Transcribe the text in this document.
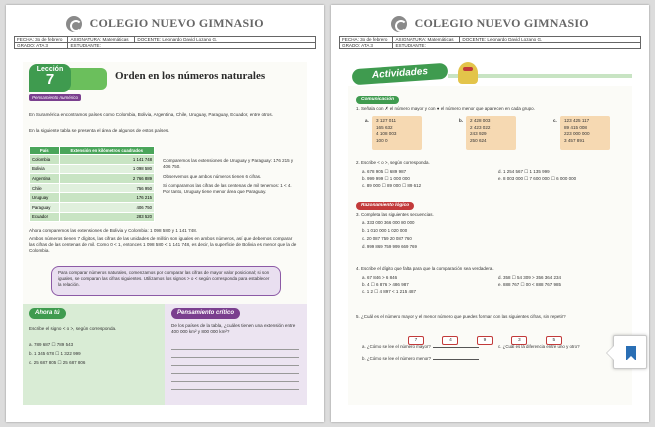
COLEGIO NUEVO GIMNASIO
FECHA: 3o de febrero	ASIGNATURA: Matemáticas	DOCENTE: Leonardo David Lozano G.
GRADO: ATA 3	ESTUDIANTE:	
Lección
7	Orden en los números naturales
Pensamiento numérico
En Suramérica encontramos países como Colombia, Bolivia, Argentina, Chile, Uruguay, Paraguay, Ecuador, entre otros.
En la siguiente tabla se presenta el área de algunos de estos países.
País	Extensión en kilómetros cuadrados
Colombia	1 141 748
Bolivia	1 098 580
Argentina	2 766 889
Chile	756 950
Uruguay	176 215
Paraguay	406 750
Ecuador	283 520

Comparemos las extensiones de Uruguay y Paraguay: 176 215 y 406 750.

Observemos que ambos números tienen 6 cifras.

Si comparamos las cifras de las centenas de mil tenemos: 1 < 4. Por tanto, Uruguay tiene menor área que Paraguay.

Ahora comparemos las extensiones de Bolivia y Colombia: 1 098 580 y 1 141 748.
Ambos números tienen 7 dígitos, las cifras de las unidades de millón son iguales en ambos números, así que debemos comparar las cifras de las centenas de mil. Como 0 < 1, entonces 1 098 580 < 1 141 748, es decir, la superficie de Bolivia es menor que la de Colombia.
Para comparar números naturales, comenzamos por comparar las cifras de mayor valor posicional; si son iguales, se comparan las cifras siguientes. Utilizamos los signos > o < según corresponda para establecer la relación.
Ahora tú
Escribe el signo < o >, según corresponda.
a. 789 687 ☐ 789 543
b. 1 345 678 ☐ 1 322 999
c. 25 687 805 ☐ 25 687 806
Pensamiento crítico
De los países de la tabla, ¿cuáles tienen una extensión entre 400 000 km² y 800 000 km²?
COLEGIO NUEVO GIMNASIO
FECHA: 3o de febrero	ASIGNATURA: Matemáticas	DOCENTE: Leonardo David Lozano G.
GRADO: ATA 3	ESTUDIANTE:	
Actividades
Comunicación
1. Señala con ✗ el número mayor y con ● el número menor que aparecen en cada grupo.
a. 3 127 011
165 632
4 108 003
100 0
b. 2 428 003
2 423 022
243 929
250 624
c. 123 425 117
89 415 008
223 000 000
3 457 891
2. Escribe < o >, según corresponda.
a. 678 905 ☐ 689 987
b. 999 999 ☐ 1 000 000
c. 89 000 ☐ 89 000 ☐ 89 612
d. 1 254 567 ☐ 1 135 999
e. 8 003 000 ☐ 7 600 000 ☐ 6 000 000
Razonamiento lógico
3. Completa las siguientes secuencias.
a. 333 000 366 000 80 000
b. 1 010 000 1 020 000
c. 20 087 759 20 087 760
d. 999 869 759 999 669 769
4. Escribe el dígito que falta para que la comparación sea verdadera.
a. 67 846 > 6 846
b. 4 ☐ 6 876 > 486 987
c. 1 2 ☐ 4 897 < 1 215 487
d. 358 ☐ 54 309 > 356 364 234
e. 888 767 ☐ 00 < 888 767 985
5. ¿Cuál es el número mayor y el menor número que puedes formar con las siguientes cifras, sin repetir?
7	4	9	3	5
a. ¿Cómo se lee el número mayor?	c. ¿Cuál es la diferencia entre uno y otro?
b. ¿Cómo se lee el número menor?
